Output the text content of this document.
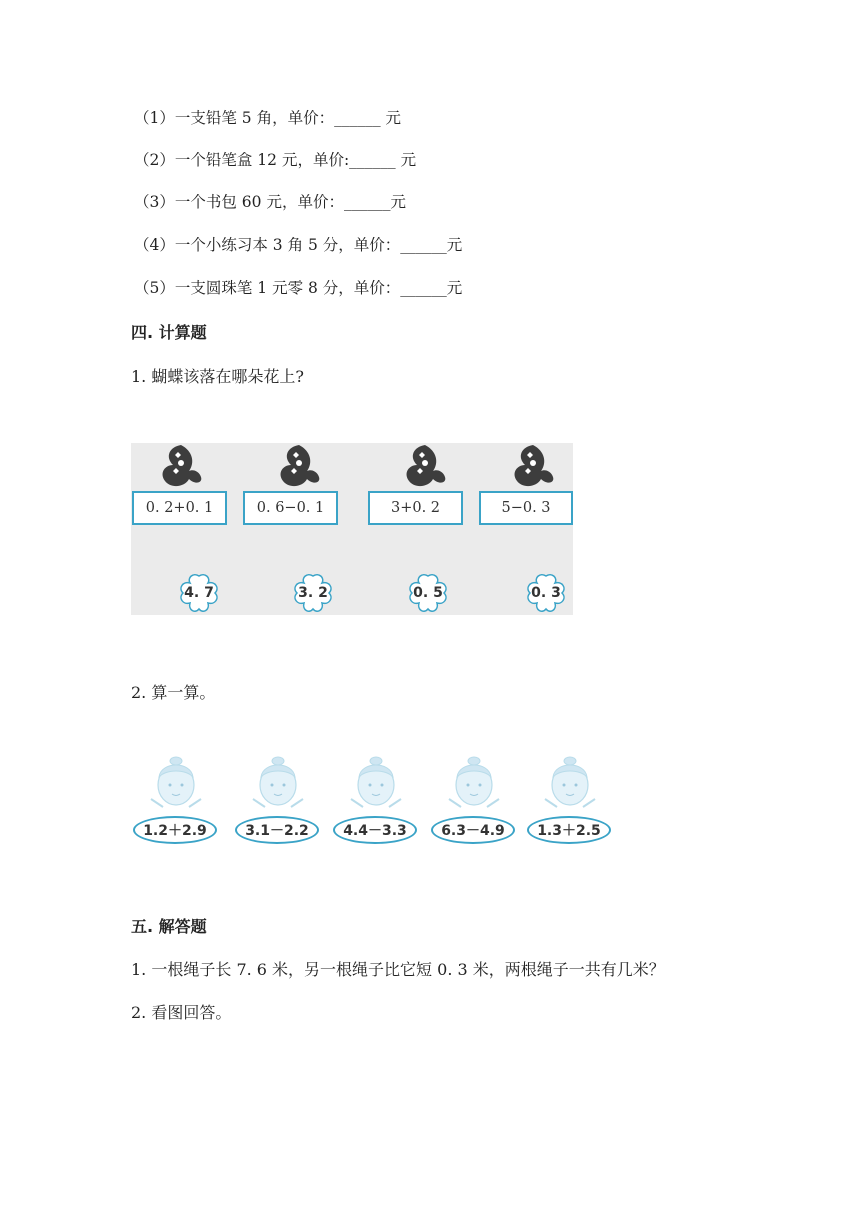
（1）一支铅笔 5 角，单价：______ 元
（2）一个铅笔盒 12 元，单价:______ 元
（3）一个书包 60 元，单价：______元
（4）一个小练习本 3 角 5 分，单价：______元
（5）一支圆珠笔 1 元零 8 分，单价：______元
四. 计算题
1. 蝴蝶该落在哪朵花上?
0. 2+0. 1	0. 6−0. 1	3+0. 2	5−0. 3
4. 7	3. 2	0. 5	0. 3
2. 算一算。
1.2＋2.9	3.1－2.2	4.4－3.3	6.3－4.9	1.3＋2.5
五. 解答题
1. 一根绳子长 7. 6 米，另一根绳子比它短 0. 3 米，两根绳子一共有几米？
2. 看图回答。
